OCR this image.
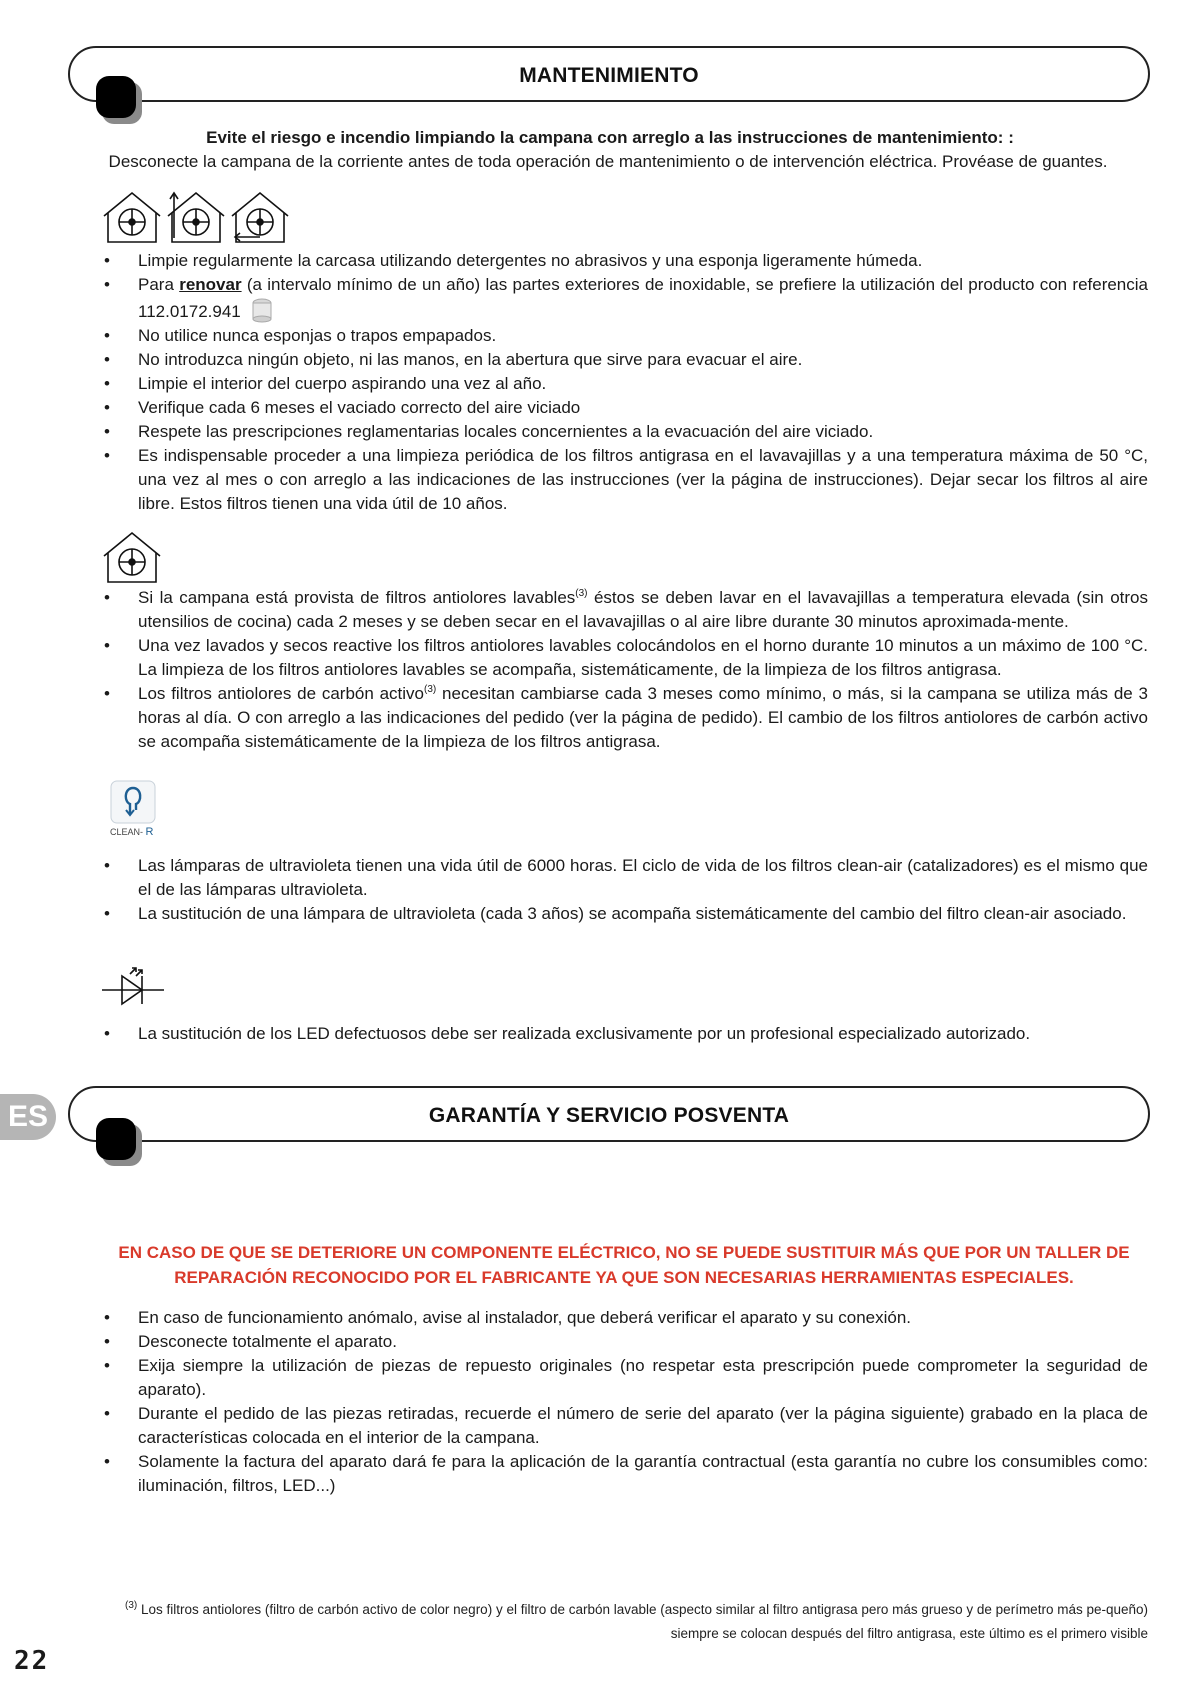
MANTENIMIENTO
Evite el riesgo e incendio limpiando la campana con arreglo a las instrucciones de mantenimiento: :
Desconecte la campana de la corriente antes de toda operación de mantenimiento o de intervención eléctrica. Provéase de guantes.
• Limpie regularmente la carcasa utilizando detergentes no abrasivos y una esponja ligeramente húmeda.
• Para renovar (a intervalo mínimo de un año) las partes exteriores de inoxidable, se prefiere la utilización del producto con referencia 112.0172.941
• No utilice nunca esponjas o trapos empapados.
• No introduzca ningún objeto, ni las manos, en la abertura que sirve para evacuar el aire.
• Limpie el interior del cuerpo aspirando una vez al año.
• Verifique cada 6 meses el vaciado correcto del aire viciado
• Respete las prescripciones reglamentarias locales concernientes a la evacuación del aire viciado.
• Es indispensable proceder a una limpieza periódica de los filtros antigrasa en el lavavajillas y a una temperatura máxima de 50 °C, una vez al mes o con arreglo a las indicaciones de las instrucciones (ver la página de instrucciones). Dejar secar los filtros al aire libre. Estos filtros tienen una vida útil de 10 años.
• Si la campana está provista de filtros antiolores lavables$^{(3)}$ éstos se deben lavar en el lavavajillas a temperatura elevada (sin otros utensilios de cocina) cada 2 meses y se deben secar en el lavavajillas o al aire libre durante 30 minutos aproximada-mente.
• Una vez lavados y secos reactive los filtros antiolores lavables colocándolos en el horno durante 10 minutos a un máximo de 100 °C. La limpieza de los filtros antiolores lavables se acompaña, sistemáticamente, de la limpieza de los filtros antigrasa.
• Los filtros antiolores de carbón activo$^{(3)}$ necesitan cambiarse cada 3 meses como mínimo, o más, si la campana se utiliza más de 3 horas al día. O con arreglo a las indicaciones del pedido (ver la página de pedido). El cambio de los filtros antiolores de carbón activo se acompaña sistemáticamente de la limpieza de los filtros antigrasa.
CLEAN- R
• Las lámparas de ultravioleta tienen una vida útil de 6000 horas. El ciclo de vida de los filtros clean-air (catalizadores) es el mismo que el de las lámparas ultravioleta.
• La sustitución de una lámpara de ultravioleta (cada 3 años) se acompaña sistemáticamente del cambio del filtro clean-air asociado.
• La sustitución de los LED defectuosos debe ser realizada exclusivamente por un profesional especializado autorizado.
ES	GARANTÍA Y SERVICIO POSVENTA
EN CASO DE QUE SE DETERIORE UN COMPONENTE ELÉCTRICO, NO SE PUEDE SUSTITUIR MÁS QUE POR UN TALLER DE REPARACIÓN RECONOCIDO POR EL FABRICANTE YA QUE SON NECESARIAS HERRAMIENTAS ESPECIALES.
• En caso de funcionamiento anómalo, avise al instalador, que deberá verificar el aparato y su conexión.
• Desconecte totalmente el aparato.
• Exija siempre la utilización de piezas de repuesto originales (no respetar esta prescripción puede comprometer la seguridad de aparato).
• Durante el pedido de las piezas retiradas, recuerde el número de serie del aparato (ver la página siguiente) grabado en la placa de características colocada en el interior de la campana.
• Solamente la factura del aparato dará fe para la aplicación de la garantía contractual (esta garantía no cubre los consumibles como: iluminación, filtros, LED...)
$^{(3)}$ Los filtros antiolores (filtro de carbón activo de color negro) y el filtro de carbón lavable (aspecto similar al filtro antigrasa pero más grueso y de perímetro más pe-queño) siempre se colocan después del filtro antigrasa, este último es el primero visible
22
